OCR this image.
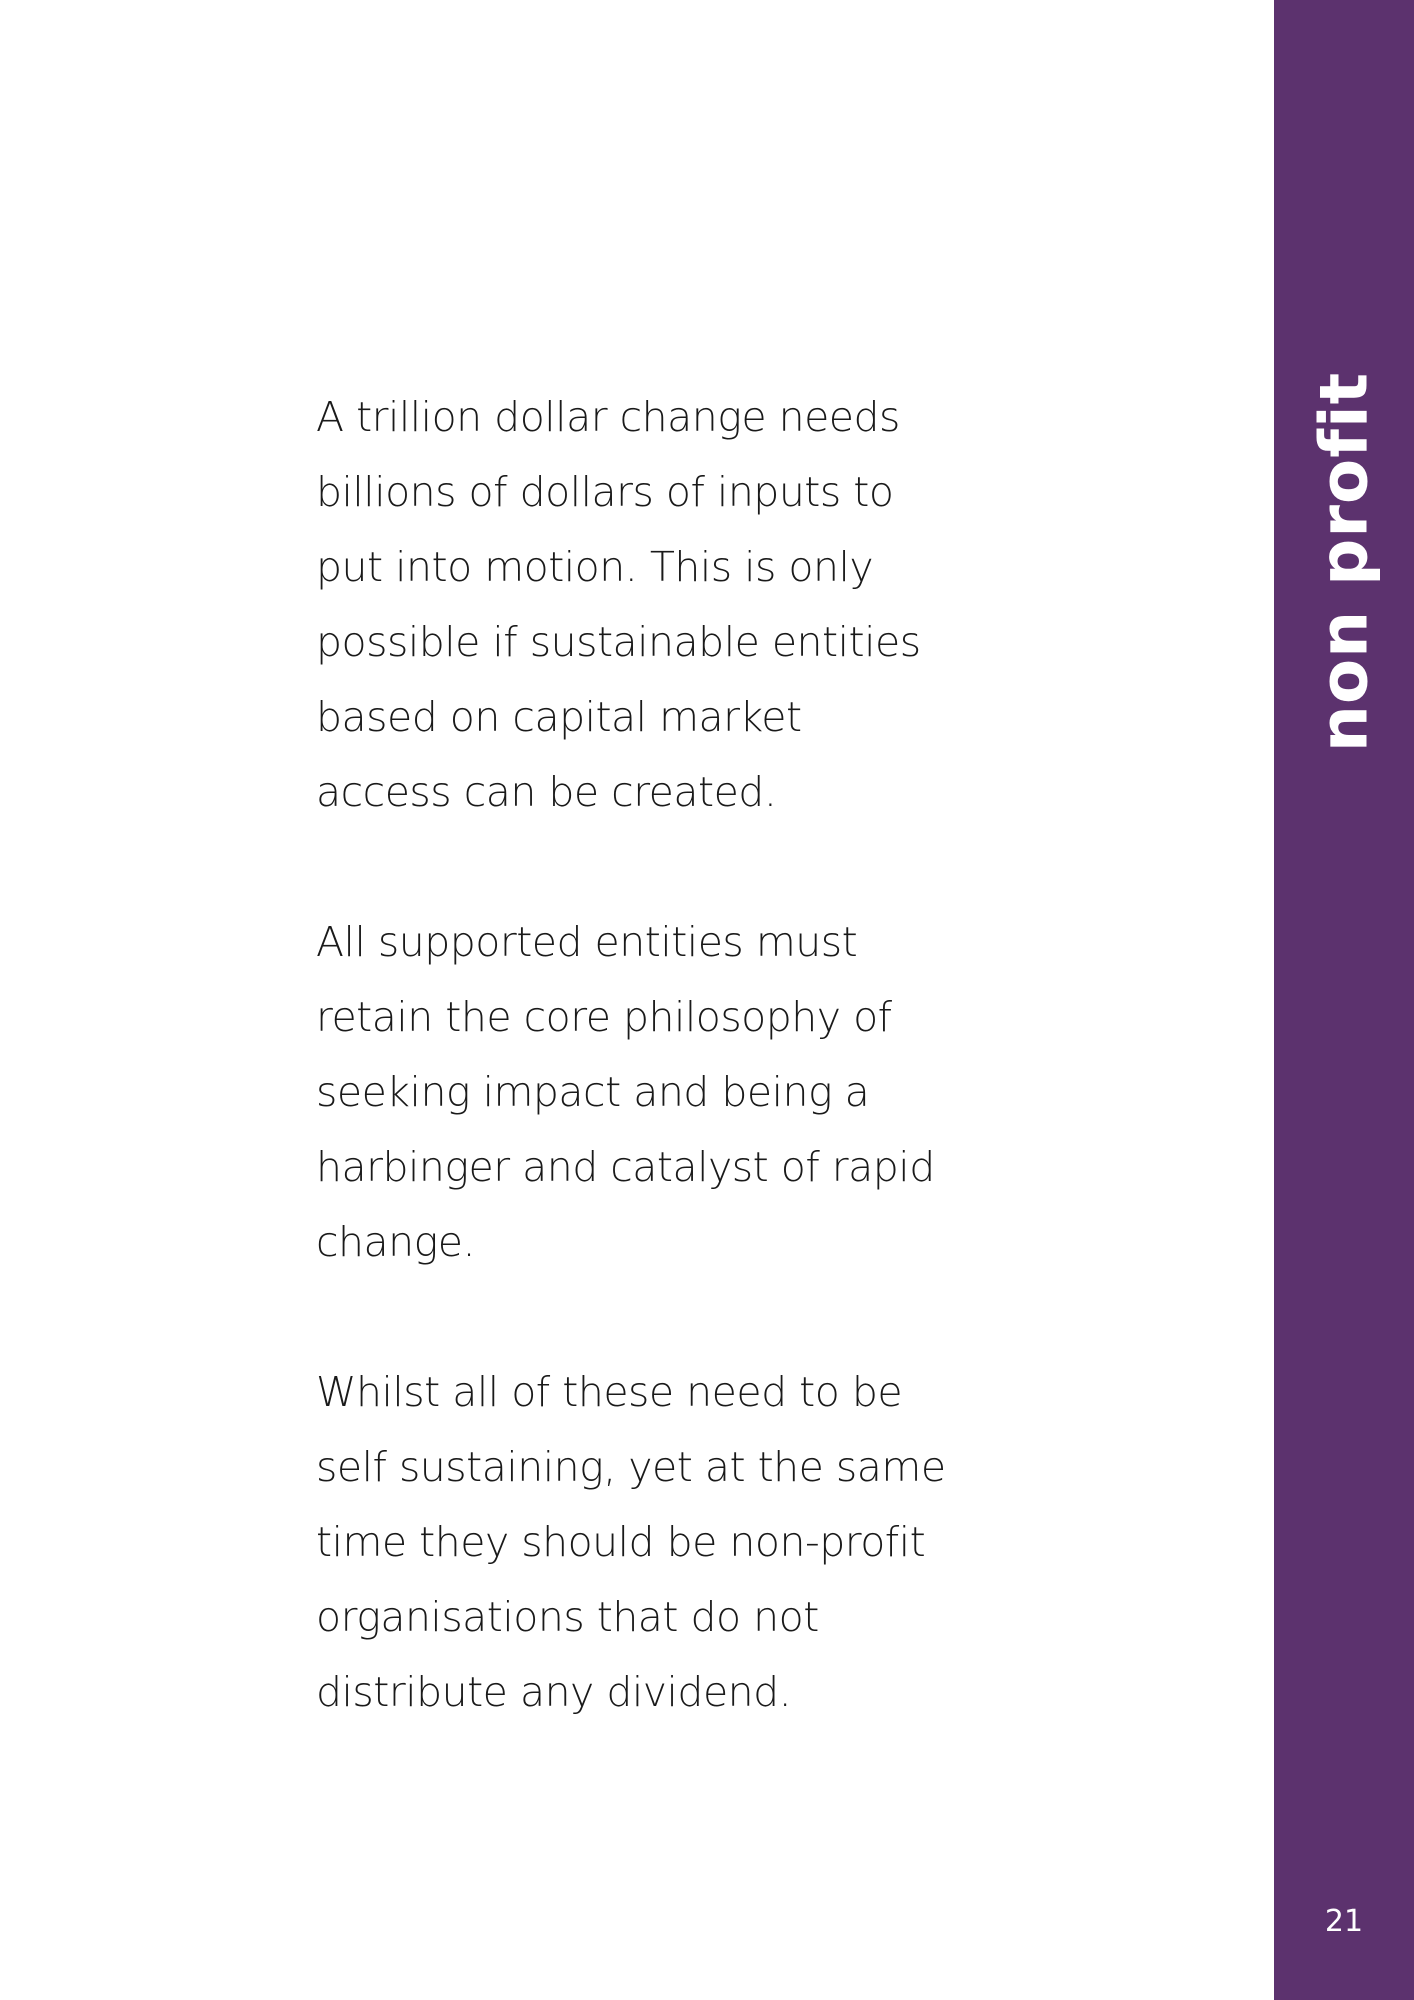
A trillion dollar change needs
billions of dollars of inputs to
put into motion. This is only
possible if sustainable entities
based on capital market
access can be created.

All supported entities must
retain the core philosophy of
seeking impact and being a
harbinger and catalyst of rapid
change.

Whilst all of these need to be
self sustaining, yet at the same
time they should be non-profit
organisations that do not
distribute any dividend.

non profit
21
